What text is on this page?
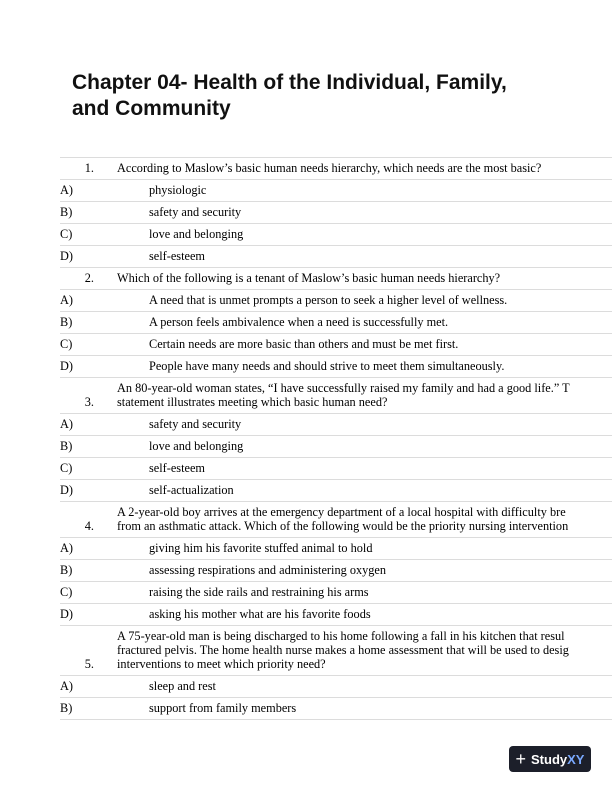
Chapter 04- Health of the Individual, Family,
and Community
1. According to Maslow’s basic human needs hierarchy, which needs are the most basic?
A)	physiologic
B)	safety and security
C)	love and belonging
D)	self-esteem
2. Which of the following is a tenant of Maslow’s basic human needs hierarchy?
A)	A need that is unmet prompts a person to seek a higher level of wellness.
B)	A person feels ambivalence when a need is successfully met.
C)	Certain needs are more basic than others and must be met first.
D)	People have many needs and should strive to meet them simultaneously.
3.
An 80-year-old woman states, “I have successfully raised my family and had a good life.” T
statement illustrates meeting which basic human need?
A)	safety and security
B)	love and belonging
C)	self-esteem
D)	self-actualization
4.
A 2-year-old boy arrives at the emergency department of a local hospital with difficulty bre
from an asthmatic attack. Which of the following would be the priority nursing intervention
A)	giving him his favorite stuffed animal to hold
B)	assessing respirations and administering oxygen
C)	raising the side rails and restraining his arms
D)	asking his mother what are his favorite foods
5.
A 75-year-old man is being discharged to his home following a fall in his kitchen that resul
fractured pelvis. The home health nurse makes a home assessment that will be used to desig
interventions to meet which priority need?
A)	sleep and rest
B)	support from family members
+ Study XY
